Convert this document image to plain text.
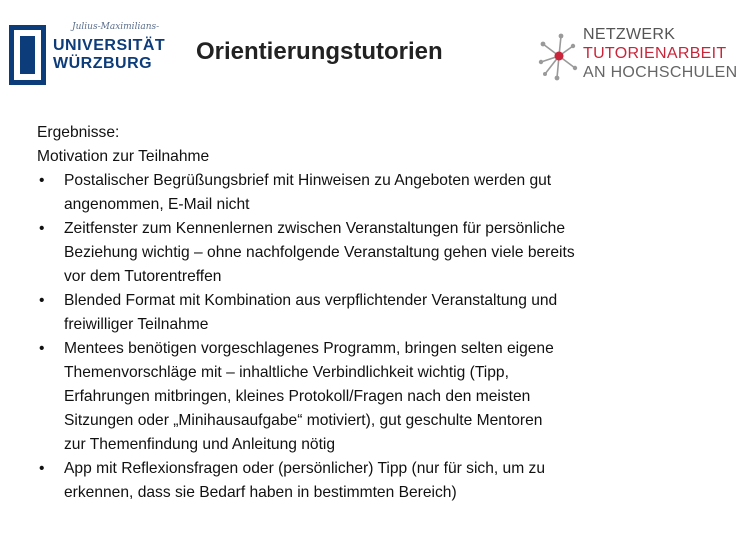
Julius-Maximilians-
UNIVERSITÄT
WÜRZBURG Orientierungstutorien
NETZWERK
TUTORIENARBEIT
AN HOCHSCHULEN

Ergebnisse:

Motivation zur Teilnahme

• Postalischer Begrüßungsbrief mit Hinweisen zu Angeboten werden gut
angenommen, E-Mail nicht
• Zeitfenster zum Kennenlernen zwischen Veranstaltungen für persönliche
Beziehung wichtig – ohne nachfolgende Veranstaltung gehen viele bereits
vor dem Tutorentreffen
• Blended Format mit Kombination aus verpflichtender Veranstaltung und
freiwilliger Teilnahme
• Mentees benötigen vorgeschlagenes Programm, bringen selten eigene
Themenvorschläge mit – inhaltliche Verbindlichkeit wichtig (Tipp,
Erfahrungen mitbringen, kleines Protokoll/Fragen nach den meisten
Sitzungen oder „Minihausaufgabe“ motiviert), gut geschulte Mentoren
zur Themenfindung und Anleitung nötig
• App mit Reflexionsfragen oder (persönlicher) Tipp (nur für sich, um zu
erkennen, dass sie Bedarf haben in bestimmten Bereich)
